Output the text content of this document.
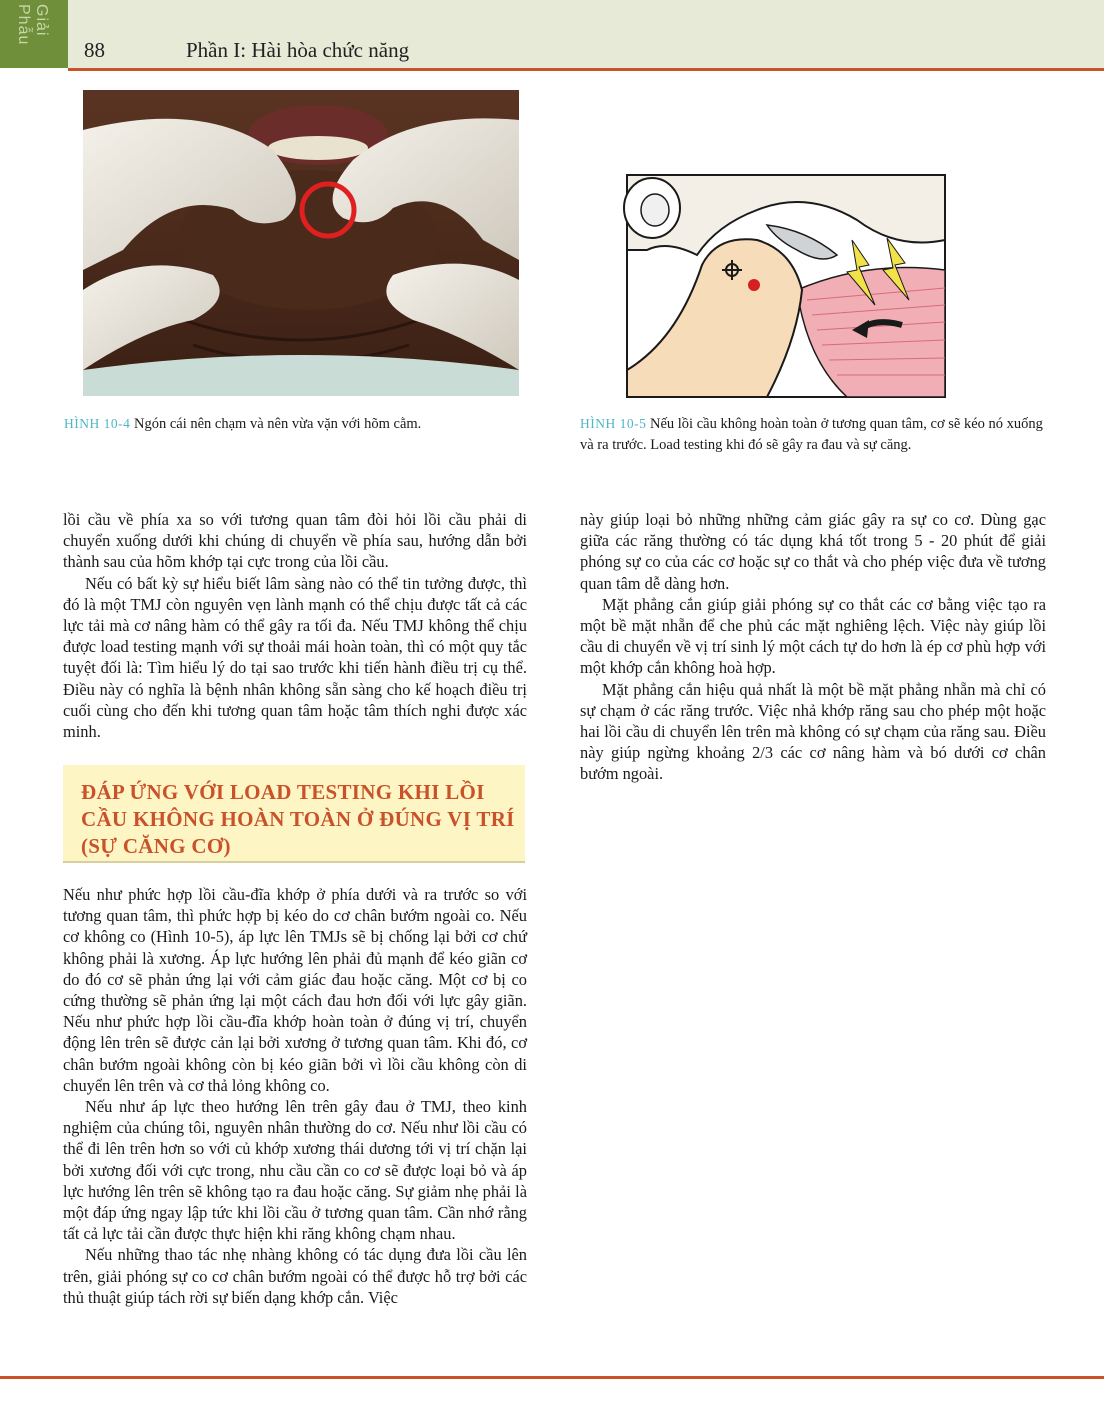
Giải Phẫu
88	Phần I: Hài hòa chức năng
HÌNH 10-4 Ngón cái nên chạm và nên vừa vặn với hõm cằm.	HÌNH 10-5 Nếu lồi cầu không hoàn toàn ở tương quan tâm, cơ sẽ kéo nó xuống và ra trước. Load testing khi đó sẽ gây ra đau và sự căng.

lồi cầu về phía xa so với tương quan tâm đòi hỏi lồi cầu phải di chuyển xuống dưới khi chúng di chuyển về phía sau, hướng dẫn bởi thành sau của hõm khớp tại cực trong của lồi cầu.

Nếu có bất kỳ sự hiểu biết lâm sàng nào có thể tin tưởng được, thì đó là một TMJ còn nguyên vẹn lành mạnh có thể chịu được tất cả các lực tải mà cơ nâng hàm có thể gây ra tối đa. Nếu TMJ không thể chịu được load testing mạnh với sự thoải mái hoàn toàn, thì có một quy tắc tuyệt đối là: Tìm hiểu lý do tại sao trước khi tiến hành điều trị cụ thể. Điều này có nghĩa là bệnh nhân không sẵn sàng cho kế hoạch điều trị cuối cùng cho đến khi tương quan tâm hoặc tâm thích nghi được xác minh.

ĐÁP ỨNG VỚI LOAD TESTING KHI LỒI CẦU KHÔNG HOÀN TOÀN Ở ĐÚNG VỊ TRÍ (SỰ CĂNG CƠ)

Nếu như phức hợp lồi cầu-đĩa khớp ở phía dưới và ra trước so với tương quan tâm, thì phức hợp bị kéo do cơ chân bướm ngoài co. Nếu cơ không co (Hình 10-5), áp lực lên TMJs sẽ bị chống lại bởi cơ chứ không phải là xương. Áp lực hướng lên phải đủ mạnh để kéo giãn cơ do đó cơ sẽ phản ứng lại với cảm giác đau hoặc căng. Một cơ bị co cứng thường sẽ phản ứng lại một cách đau hơn đối với lực gây giãn. Nếu như phức hợp lồi cầu-đĩa khớp hoàn toàn ở đúng vị trí, chuyển động lên trên sẽ được cản lại bởi xương ở tương quan tâm. Khi đó, cơ chân bướm ngoài không còn bị kéo giãn bởi vì lồi cầu không còn di chuyển lên trên và cơ thả lỏng không co.

Nếu như áp lực theo hướng lên trên gây đau ở TMJ, theo kinh nghiệm của chúng tôi, nguyên nhân thường do cơ. Nếu như lồi cầu có thể đi lên trên hơn so với củ khớp xương thái dương tới vị trí chặn lại bởi xương đối với cực trong, nhu cầu cần co cơ sẽ được loại bỏ và áp lực hướng lên trên sẽ không tạo ra đau hoặc căng. Sự giảm nhẹ phải là một đáp ứng ngay lập tức khi lồi cầu ở tương quan tâm. Cần nhớ rằng tất cả lực tải cần được thực hiện khi răng không chạm nhau.

Nếu những thao tác nhẹ nhàng không có tác dụng đưa lồi cầu lên trên, giải phóng sự co cơ chân bướm ngoài có thể được hỗ trợ bởi các thủ thuật giúp tách rời sự biến dạng khớp cắn. Việc

này giúp loại bỏ những những cảm giác gây ra sự co cơ. Dùng gạc giữa các răng thường có tác dụng khá tốt trong 5 - 20 phút để giải phóng sự co của các cơ hoặc sự co thắt và cho phép việc đưa về tương quan tâm dễ dàng hơn.

Mặt phẳng cắn giúp giải phóng sự co thắt các cơ bằng việc tạo ra một bề mặt nhẵn để che phủ các mặt nghiêng lệch. Việc này giúp lồi cầu di chuyển về vị trí sinh lý một cách tự do hơn là ép cơ phù hợp với một khớp cắn không hoà hợp.

Mặt phẳng cắn hiệu quả nhất là một bề mặt phẳng nhẵn mà chỉ có sự chạm ở các răng trước. Việc nhả khớp răng sau cho phép một hoặc hai lồi cầu di chuyển lên trên mà không có sự chạm của răng sau. Điều này giúp ngừng khoảng 2/3 các cơ nâng hàm và bó dưới cơ chân bướm ngoài.
